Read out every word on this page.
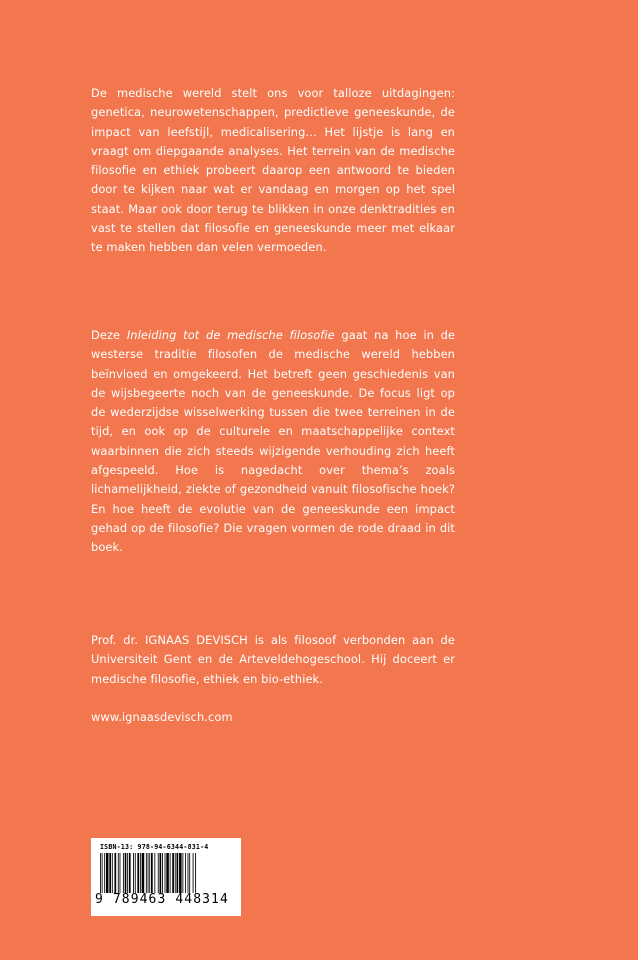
De medische wereld stelt ons voor talloze uitdagingen: genetica, neurowetenschappen, predictieve geneeskunde, de impact van leefstijl, medicalisering… Het lijstje is lang en vraagt om diepgaande analyses. Het terrein van de medische filosofie en ethiek probeert daarop een antwoord te bieden door te kijken naar wat er vandaag en morgen op het spel staat. Maar ook door terug te blikken in onze denktradities en vast te stellen dat filosofie en geneeskunde meer met elkaar te maken hebben dan velen vermoeden.

Deze Inleiding tot de medische filosofie gaat na hoe in de westerse traditie filosofen de medische wereld hebben beïnvloed en omgekeerd. Het betreft geen geschiedenis van de wijsbegeerte noch van de geneeskunde. De focus ligt op de wederzijdse wisselwerking tussen die twee terreinen in de tijd, en ook op de culturele en maatschappelijke context waarbinnen die zich steeds wijzigende verhouding zich heeft afgespeeld. Hoe is nagedacht over thema’s zoals lichamelijkheid, ziekte of gezondheid vanuit filosofische hoek? En hoe heeft de evolutie van de geneeskunde een impact gehad op de filosofie? Die vragen vormen de rode draad in dit boek.

Prof. dr. IGNAAS DEVISCH is als filosoof verbonden aan de Universiteit Gent en de Arteveldehogeschool. Hij doceert er medische filosofie, ethiek en bio-ethiek.

www.ignaasdevisch.com

ISBN-13: 978-94-6344-831-4
9 789463 448314
